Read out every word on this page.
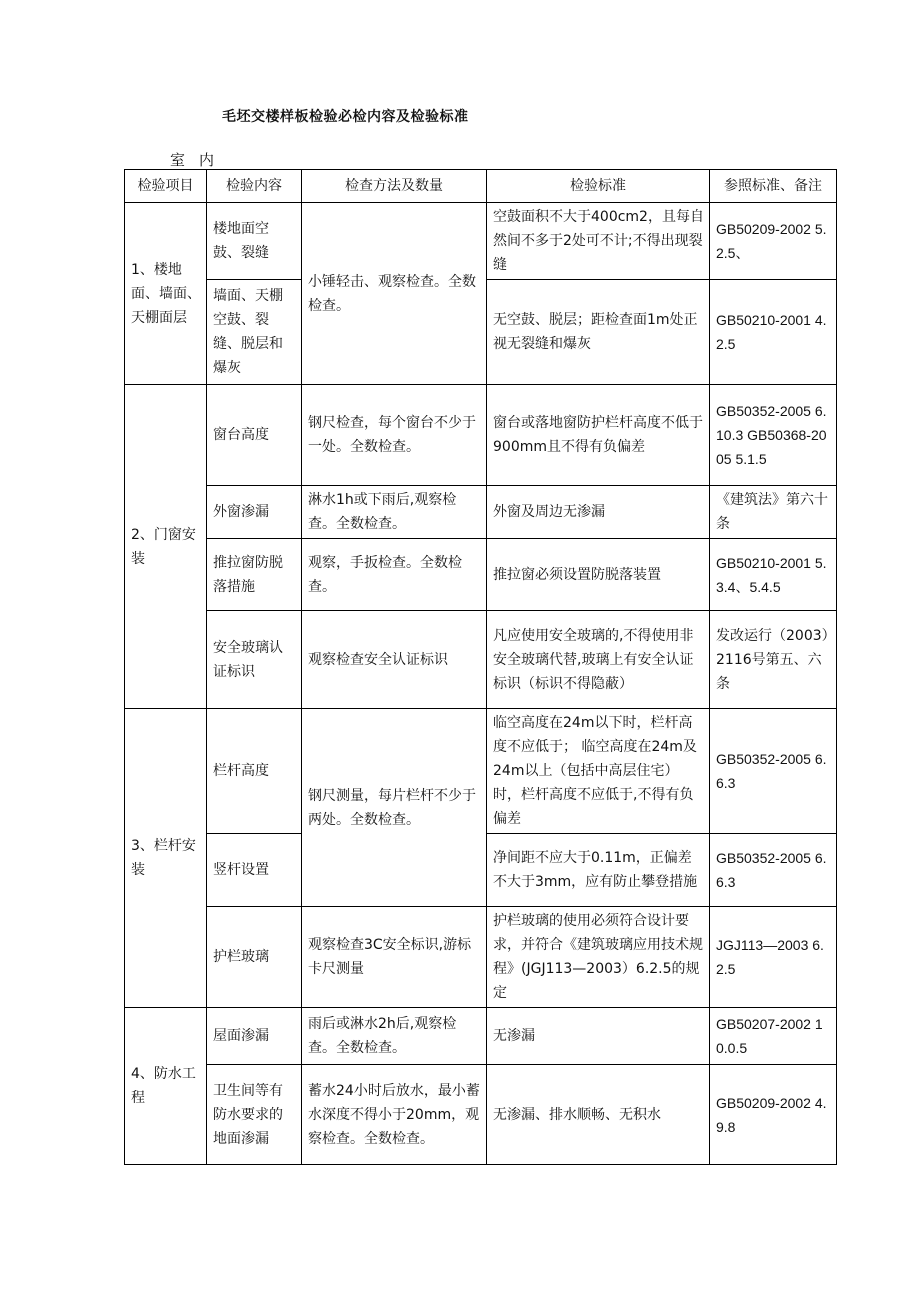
毛坯交楼样板检验必检内容及检验标准
室内
检验项目	检验内容	检查方法及数量	检验标准	参照标准、备注
1、楼地面、墙面、天棚面层	楼地面空鼓、裂缝	小锤轻击、观察检查。全数检查。	空鼓面积不大于400cm2，且每自然间不多于2处可不计;不得出现裂缝	GB50209-2002 5.2.5、
	墙面、天棚空鼓、裂缝、脱层和爆灰		无空鼓、脱层；距检查面1m处正视无裂缝和爆灰	GB50210-2001 4.2.5
2、门窗安装	窗台高度	钢尺检查，每个窗台不少于一处。全数检查。	窗台或落地窗防护栏杆高度不低于900mm且不得有负偏差	GB50352-2005 6.10.3 GB50368-2005 5.1.5
	外窗渗漏	淋水1h或下雨后,观察检查。全数检查。	外窗及周边无渗漏	《建筑法》第六十条
	推拉窗防脱落措施	观察，手扳检查。全数检查。	推拉窗必须设置防脱落装置	GB50210-2001 5.3.4、5.4.5
	安全玻璃认证标识	观察检查安全认证标识	凡应使用安全玻璃的,不得使用非安全玻璃代替,玻璃上有安全认证标识（标识不得隐蔽）	发改运行（2003）2116号第五、六条
3、栏杆安装	栏杆高度	钢尺测量，每片栏杆不少于两处。全数检查。	临空高度在24m以下时，栏杆高度不应低于； 临空高度在24m及24m以上（包括中高层住宅）时，栏杆高度不应低于,不得有负偏差	GB50352-2005 6.6.3
	竖杆设置		净间距不应大于0.11m，正偏差不大于3mm，应有防止攀登措施	GB50352-2005 6.6.3
	护栏玻璃	观察检查3C安全标识,游标卡尺测量	护栏玻璃的使用必须符合设计要求，并符合《建筑玻璃应用技术规程》(JGJ113—2003）6.2.5的规定	JGJ113—2003 6.2.5
4、防水工程	屋面渗漏	雨后或淋水2h后,观察检查。全数检查。	无渗漏	GB50207-2002 10.0.5
	卫生间等有防水要求的地面渗漏	蓄水24小时后放水，最小蓄水深度不得小于20mm，观察检查。全数检查。	无渗漏、排水顺畅、无积水	GB50209-2002 4.9.8
